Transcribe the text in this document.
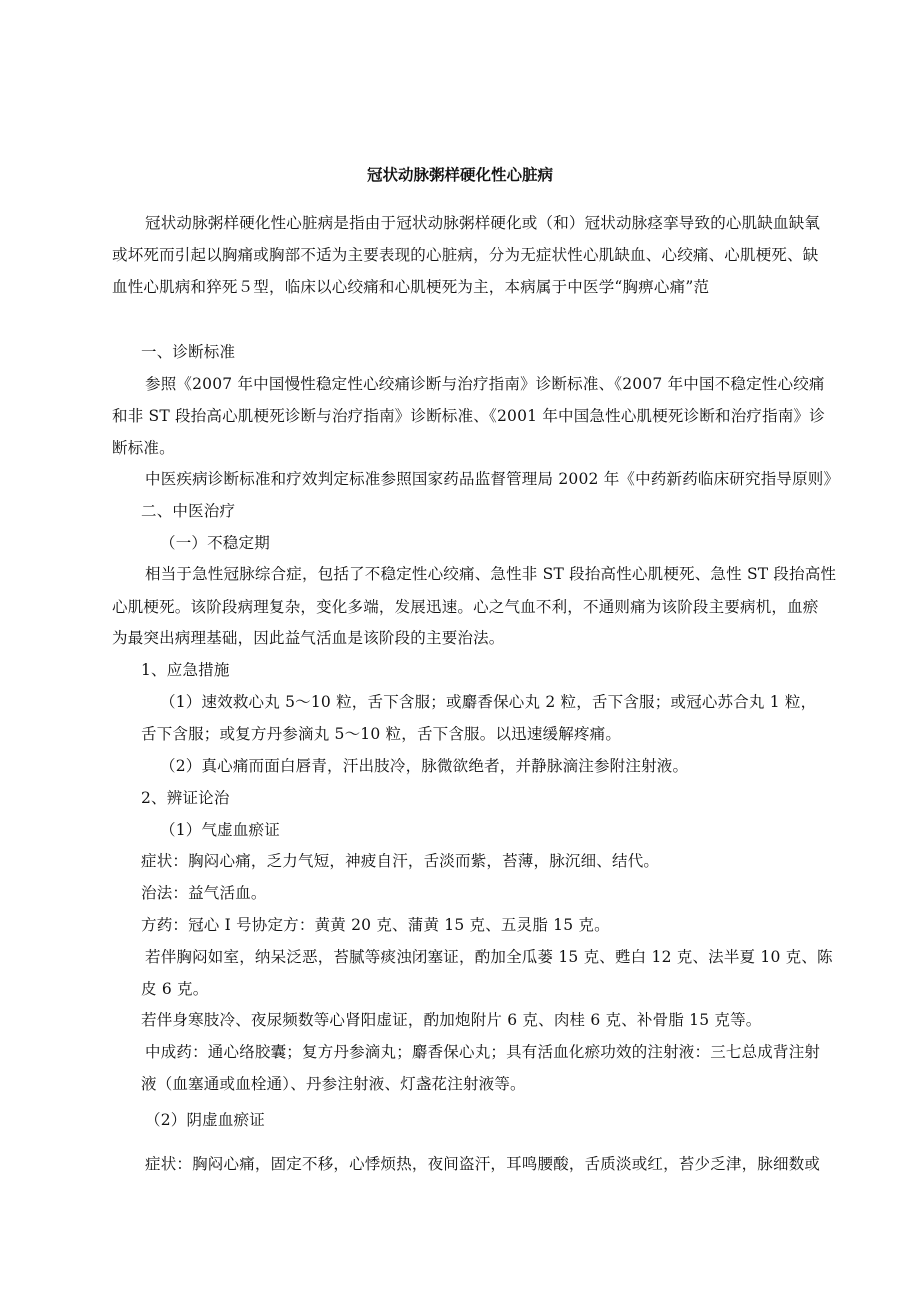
冠状动脉粥样硬化性心脏病
冠状动脉粥样硬化性心脏病是指由于冠状动脉粥样硬化或（和）冠状动脉痉挛导致的心肌缺血缺氧
或坏死而引起以胸痛或胸部不适为主要表现的心脏病，分为无症状性心肌缺血、心绞痛、心肌梗死、缺
血性心肌病和猝死５型，临床以心绞痛和心肌梗死为主，本病属于中医学“胸痹心痛”范
一、诊断标准
参照《2007 年中国慢性稳定性心绞痛诊断与治疗指南》诊断标准、《2007 年中国不稳定性心绞痛
和非 ST 段抬高心肌梗死诊断与治疗指南》诊断标准、《2001 年中国急性心肌梗死诊断和治疗指南》诊
断标准。
中医疾病诊断标准和疗效判定标准参照国家药品监督管理局 2002 年《中药新药临床研究指导原则》
二、中医治疗
（一）不稳定期
相当于急性冠脉综合症，包括了不稳定性心绞痛、急性非 ST 段抬高性心肌梗死、急性 ST 段抬高性
心肌梗死。该阶段病理复杂，变化多端，发展迅速。心之气血不利，不通则痛为该阶段主要病机，血瘀
为最突出病理基础，因此益气活血是该阶段的主要治法。
1、应急措施
（1）速效救心丸 5～10 粒，舌下含服；或麝香保心丸 2 粒，舌下含服；或冠心苏合丸 1 粒，
舌下含服；或复方丹参滴丸 5～10 粒，舌下含服。以迅速缓解疼痛。
（2）真心痛而面白唇青，汗出肢冷，脉微欲绝者，并静脉滴注参附注射液。
2、辨证论治
（1）气虚血瘀证
症状：胸闷心痛，乏力气短，神疲自汗，舌淡而紫，苔薄，脉沉细、结代。
治法：益气活血。
方药：冠心 I 号协定方：黄黄 20 克、蒲黄 15 克、五灵脂 15 克。
若伴胸闷如室，纳呆泛恶，苔腻等痰浊闭塞证，酌加全瓜蒌 15 克、甦白 12 克、法半夏 10 克、陈
皮 6 克。
若伴身寒肢冷、夜尿频数等心肾阳虚证，酌加炮附片 6 克、肉桂 6 克、补骨脂 15 克等。
中成药：通心络胶囊；复方丹参滴丸；麝香保心丸；具有活血化瘀功效的注射液：三七总成背注射
液（血塞通或血栓通）、丹参注射液、灯盏花注射液等。
（2）阴虚血瘀证
症状：胸闷心痛，固定不移，心悸烦热，夜间盗汗，耳鸣腰酸，舌质淡或红，苔少乏津，脉细数或
